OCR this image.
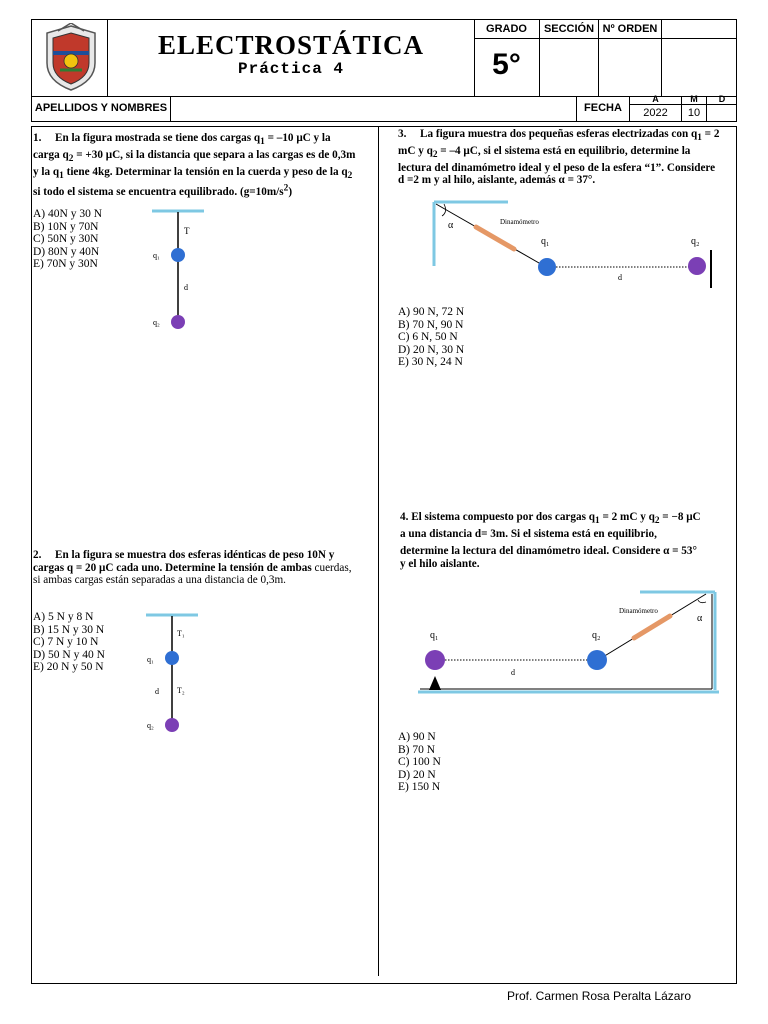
ELECTROSTÁTICA
Práctica 4
GRADO	SECCIÓN Nº ORDEN
5°
APELLIDOS Y NOMBRES	FECHA
A	M	D
2022	10
1. En la figura mostrada se tiene dos cargas $q_1 = -10$ μC y la carga $q_2 = +30$ μC, si la distancia que separa a las cargas es de 0,3m y la $q_1$ tiene 4kg. Determinar la tensión en la cuerda y peso de la $q_2$ si todo el sistema se encuentra equilibrado. $(g=10m/s^2)$
A) 40N y 30 N
B) 10N y 70N
C) 50N y 30N
D) 80N y 40N
E) 70N y 30N
T
q₁
d
q₂
2. En la figura se muestra dos esferas idénticas de peso 10N y cargas q = 20 μC cada uno. Determine la tensión de ambas cuerdas, si ambas cargas están separadas a una distancia de 0,3m.
A) 5 N y 8 N
B) 15 N y 30 N
C) 7 N y 10 N
D) 50 N y 40 N
E) 20 N y 50 N
T₁
q₁
d T₂
q₂
3. La figura muestra dos pequeñas esferas electrizadas con $q_1 = 2$ mC y $q_2 = -4$ μC, si el sistema está en equilibrio, determine la lectura del dinamómetro ideal y el peso de la esfera “1”. Considere d =2 m y al hilo, aislante, además α = 37°.
α	Dinamómetro
q₁
d
q₂
A) 90 N, 72 N
B) 70 N, 90 N
C) 6 N, 50 N
D) 20 N, 30 N
E) 30 N, 24 N
4. El sistema compuesto por dos cargas $q_1 = 2$ mC y $q_2 = -8$ μC
a una distancia d= 3m. Si el sistema está en equilibrio,
determine la lectura del dinamómetro ideal. Considere α = 53°
y el hilo aislante.
α
Dinamómetro
q₁
d
q₂
A) 90 N
B) 70 N
C) 100 N
D) 20 N
E) 150 N
Prof. Carmen Rosa Peralta Lázaro
